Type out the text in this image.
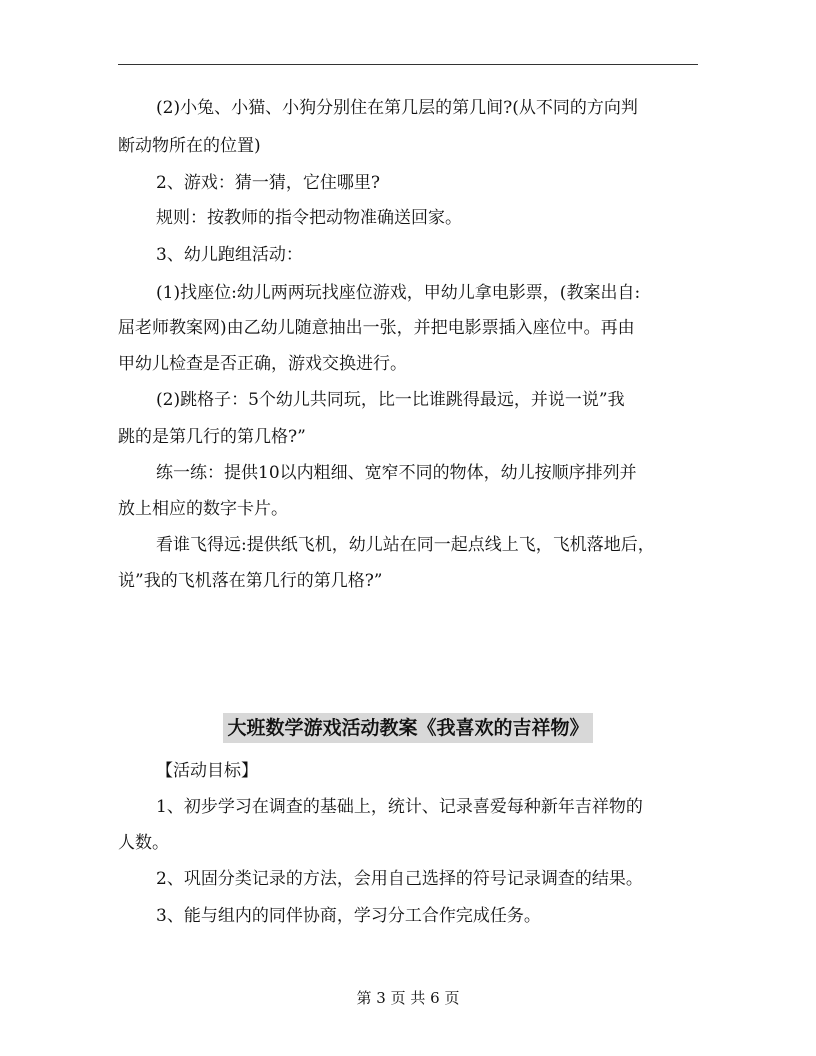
(2)小兔、小猫、小狗分别住在第几层的第几间?(从不同的方向判
断动物所在的位置)
2、游戏：猜一猜，它住哪里?
规则：按教师的指令把动物准确送回家。
3、幼儿跑组活动：
(1)找座位:幼儿两两玩找座位游戏，甲幼儿拿电影票，(教案出自:
屈老师教案网)由乙幼儿随意抽出一张，并把电影票插入座位中。再由
甲幼儿检查是否正确，游戏交换进行。
(2)跳格子：5个幼儿共同玩，比一比谁跳得最远，并说一说”我
跳的是第几行的第几格?”
练一练：提供10以内粗细、宽窄不同的物体，幼儿按顺序排列并
放上相应的数字卡片。
看谁飞得远:提供纸飞机，幼儿站在同一起点线上飞，飞机落地后，
说”我的飞机落在第几行的第几格?”
大班数学游戏活动教案《我喜欢的吉祥物》
【活动目标】
1、初步学习在调查的基础上，统计、记录喜爱每种新年吉祥物的
人数。
2、巩固分类记录的方法，会用自己选择的符号记录调查的结果。
3、能与组内的同伴协商，学习分工合作完成任务。
第 3 页 共 6 页
